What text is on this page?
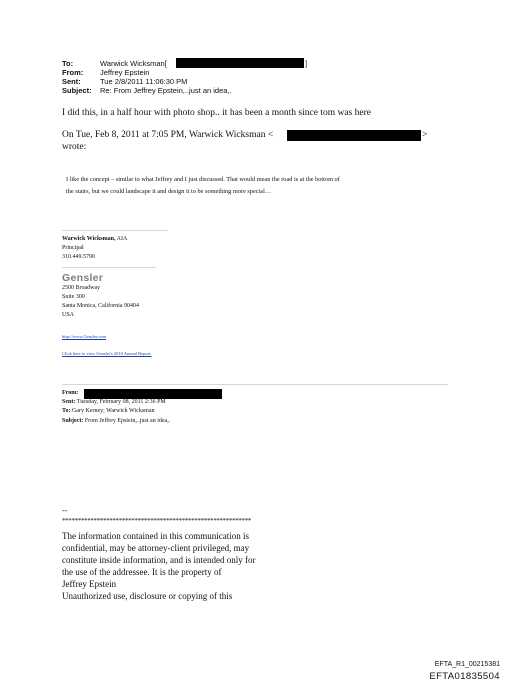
To:	Warwick Wicksman[	]
From: Jeffrey Epstein
Sent:	Tue 2/8/2011 11:06:30 PM
Subject: Re: From Jeffrey Epstein,..just an idea,.
I did this, in a half hour with photo shop.. it has been a month since tom was here
On Tue, Feb 8, 2011 at 7:05 PM, Warwick Wicksman <	>
wrote:
I like the concept – similar to what Jeffrey and I just discussed. That would mean the road is at the bottom of
the stairs, but we could landscape it and design it to be something more special…
Warwick Wicksman, AIA
Principal
310.449.5790
Gensler
2500 Broadway
Suite 300
Santa Monica, California 90404
USA
http://www.Gensler.com
Click here to view Gensler's 2010 Annual Report.
From:
Sent: Tuesday, February 08, 2011 2:36 PM
To: Gary Kerney; Warwick Wicksman
Subject: From Jeffrey Epstein,..just an idea,.
--
************************************************************
The information contained in this communication is
confidential, may be attorney-client privileged, may
constitute inside information, and is intended only for
the use of the addressee. It is the property of
Jeffrey Epstein
Unauthorized use, disclosure or copying of this
EFTA_R1_00215381
EFTA01835504
